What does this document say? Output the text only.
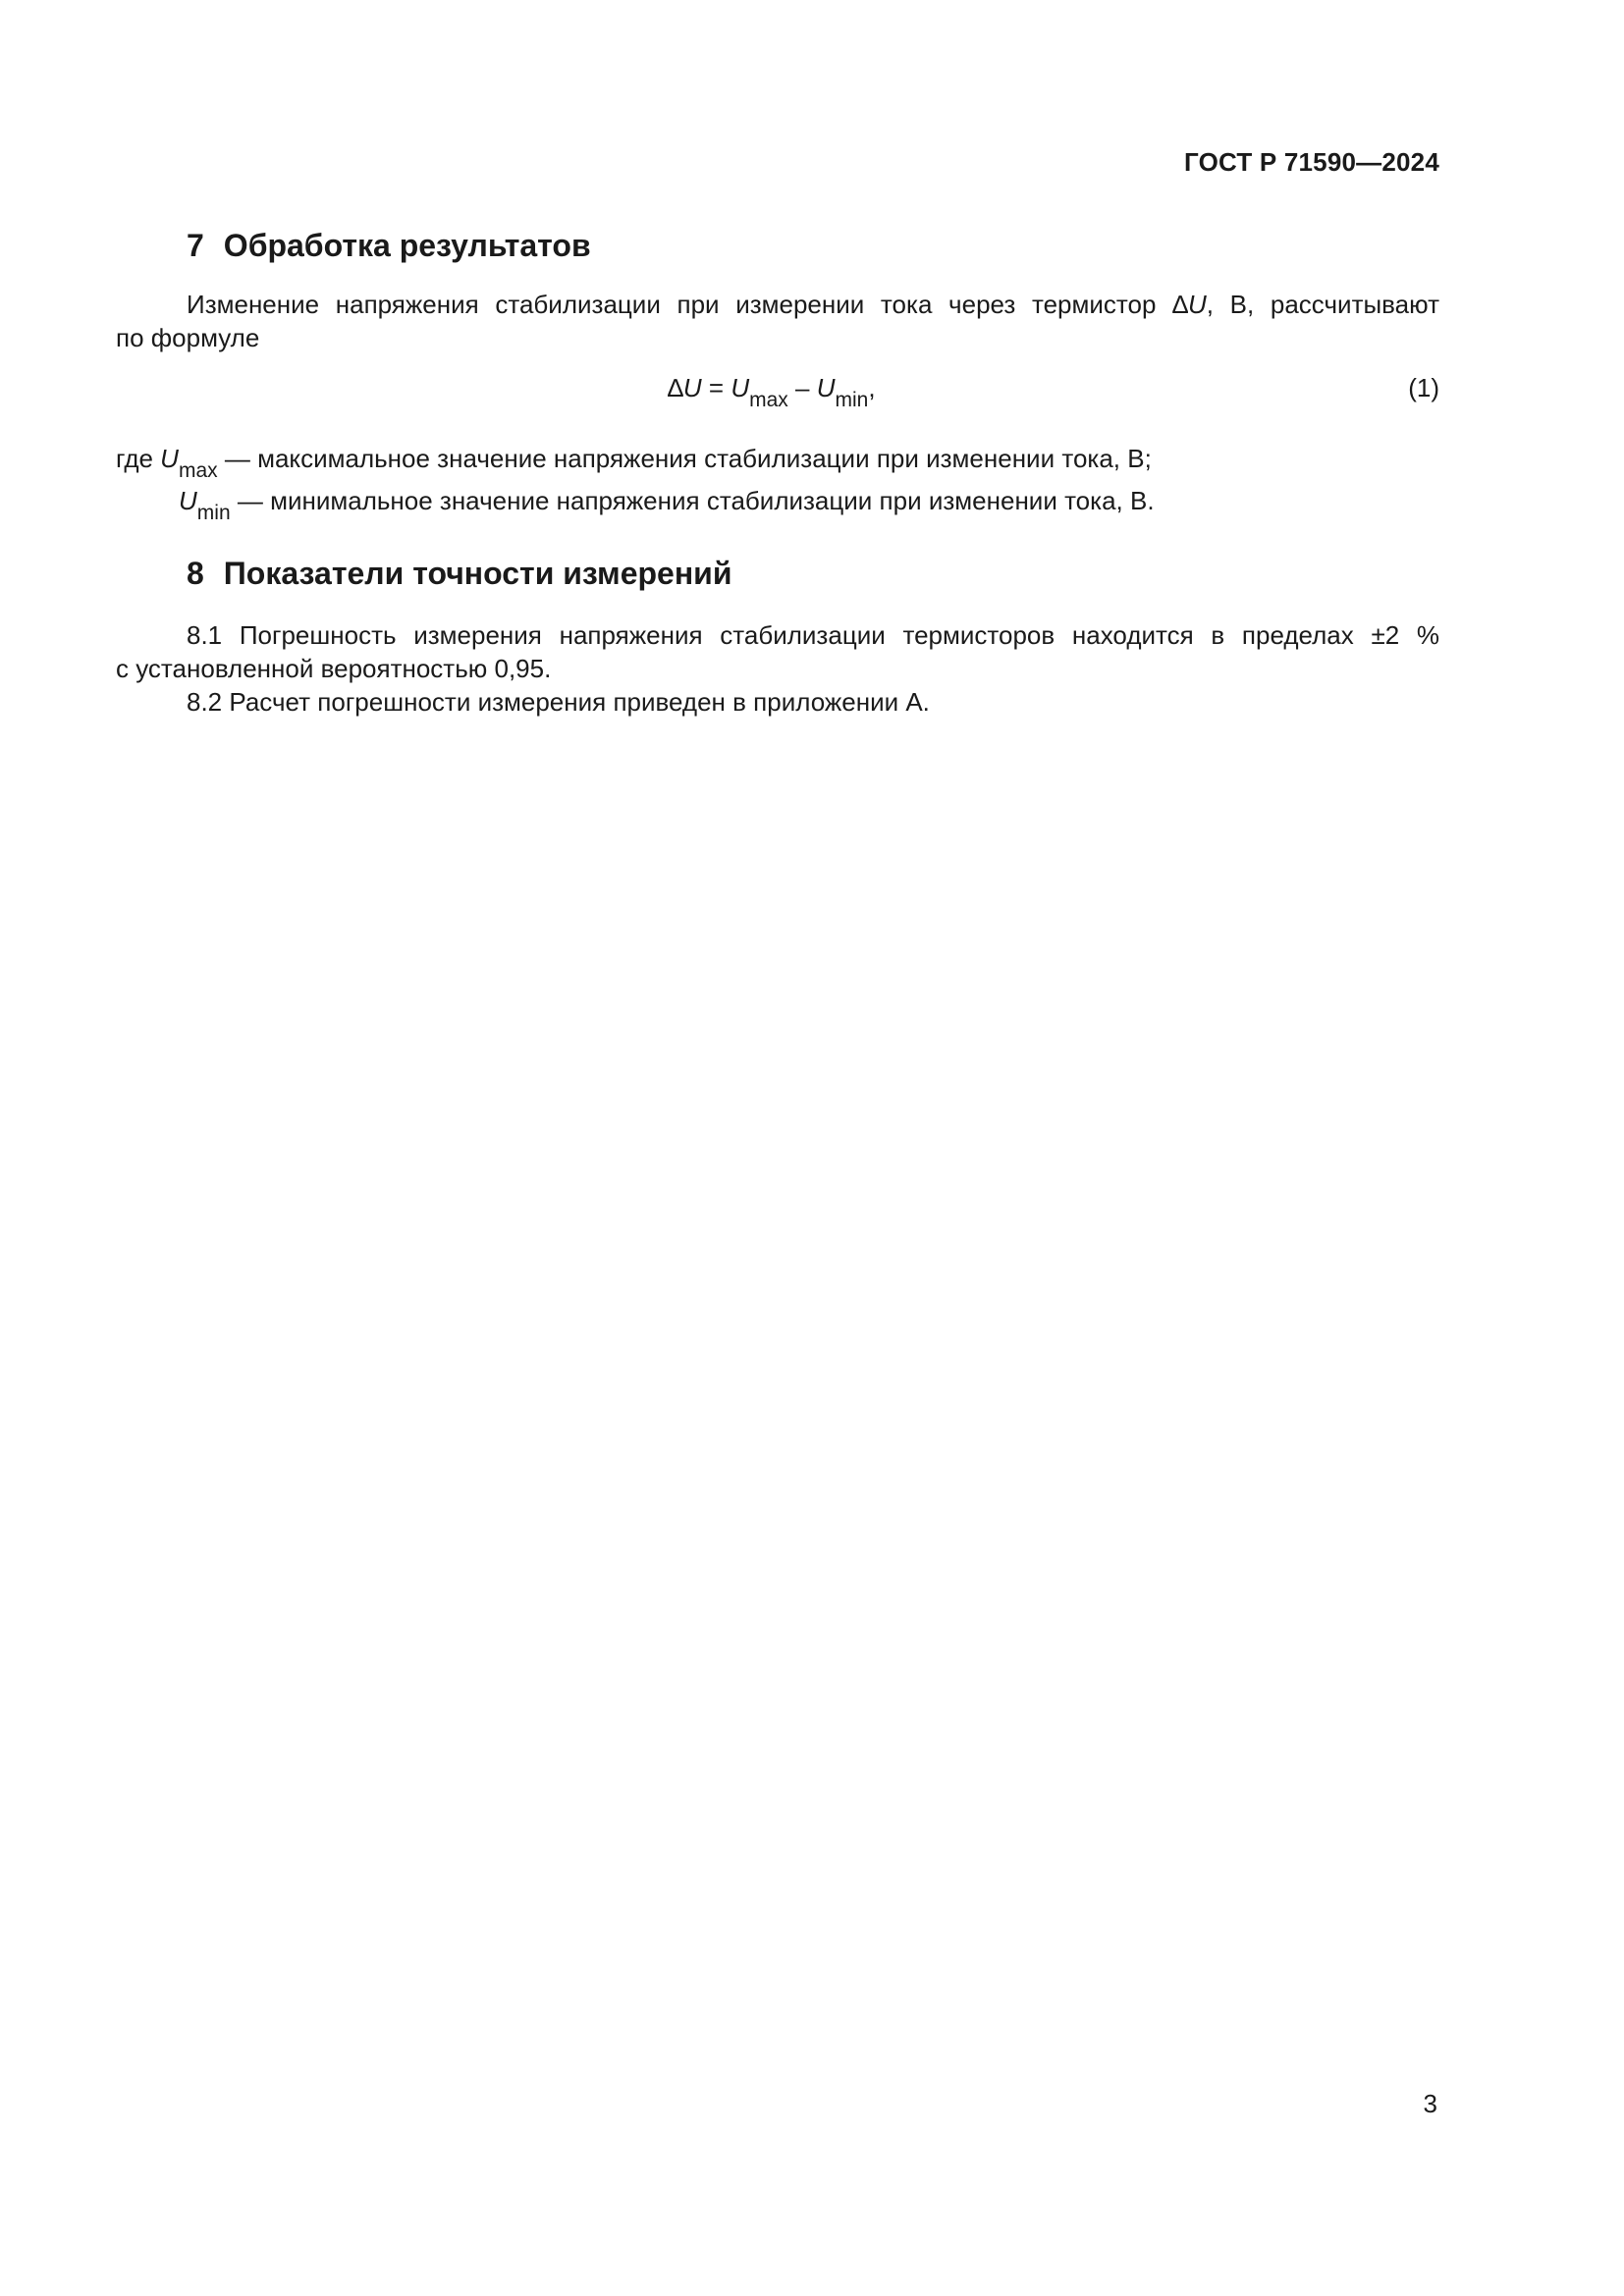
ГОСТ Р 71590—2024
7 Обработка результатов
Изменение напряжения стабилизации при измерении тока через термистор ∆U, В, рассчитывают
по формуле
$\Delta U = U_{max} - U_{min}$,	(1)
где $U_{max}$ — максимальное значение напряжения стабилизации при изменении тока, В;
$U_{min}$ — минимальное значение напряжения стабилизации при изменении тока, В.
8 Показатели точности измерений
8.1 Погрешность измерения напряжения стабилизации термисторов находится в пределах ±2 %
с установленной вероятностью 0,95.
8.2 Расчет погрешности измерения приведен в приложении А.
3
